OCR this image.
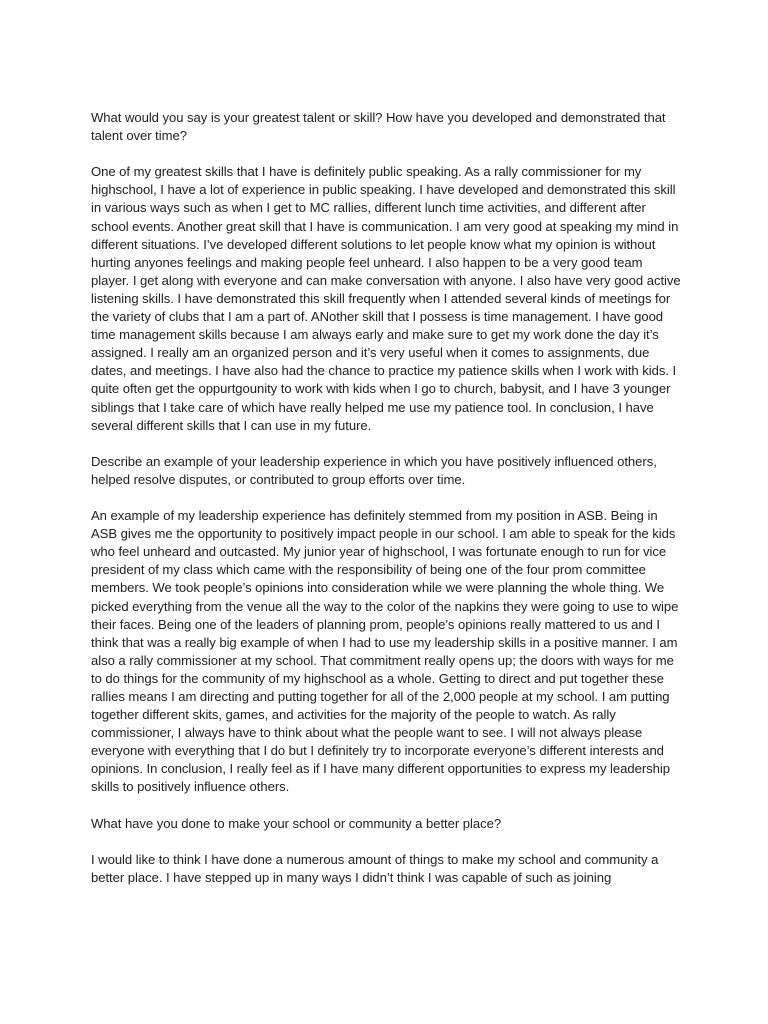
What would you say is your greatest talent or skill? How have you developed and demonstrated that talent over time?

One of my greatest skills that I have is definitely public speaking. As a rally commissioner for my highschool, I have a lot of experience in public speaking. I have developed and demonstrated this skill in various ways such as when I get to MC rallies, different lunch time activities, and different after school events. Another great skill that I have is communication. I am very good at speaking my mind in different situations. I’ve developed different solutions to let people know what my opinion is without hurting anyones feelings and making people feel unheard. I also happen to be a very good team player. I get along with everyone and can make conversation with anyone. I also have very good active listening skills. I have demonstrated this skill frequently when I attended several kinds of meetings for the variety of clubs that I am a part of. ANother skill that I possess is time management. I have good time management skills because I am always early and make sure to get my work done the day it’s assigned. I really am an organized person and it’s very useful when it comes to assignments, due dates, and meetings. I have also had the chance to practice my patience skills when I work with kids. I quite often get the oppurtgounity to work with kids when I go to church, babysit, and I have 3 younger siblings that I take care of which have really helped me use my patience tool. In conclusion, I have several different skills that I can use in my future.

Describe an example of your leadership experience in which you have positively influenced others, helped resolve disputes, or contributed to group efforts over time.

An example of my leadership experience has definitely stemmed from my position in ASB. Being in ASB gives me the opportunity to positively impact people in our school. I am able to speak for the kids who feel unheard and outcasted. My junior year of highschool, I was fortunate enough to run for vice president of my class which came with the responsibility of being one of the four prom committee members. We took people’s opinions into consideration while we were planning the whole thing. We picked everything from the venue all the way to the color of the napkins they were going to use to wipe their faces. Being one of the leaders of planning prom, people’s opinions really mattered to us and I think that was a really big example of when I had to use my leadership skills in a positive manner. I am also a rally commissioner at my school. That commitment really opens up; the doors with ways for me to do things for the community of my highschool as a whole. Getting to direct and put together these rallies means I am directing and putting together for all of the 2,000 people at my school. I am putting together different skits, games, and activities for the majority of the people to watch. As rally commissioner, I always have to think about what the people want to see. I will not always please everyone with everything that I do but I definitely try to incorporate everyone’s different interests and opinions. In conclusion, I really feel as if I have many different opportunities to express my leadership skills to positively influence others.

What have you done to make your school or community a better place?

I would like to think I have done a numerous amount of things to make my school and community a better place. I have stepped up in many ways I didn’t think I was capable of such as joining
